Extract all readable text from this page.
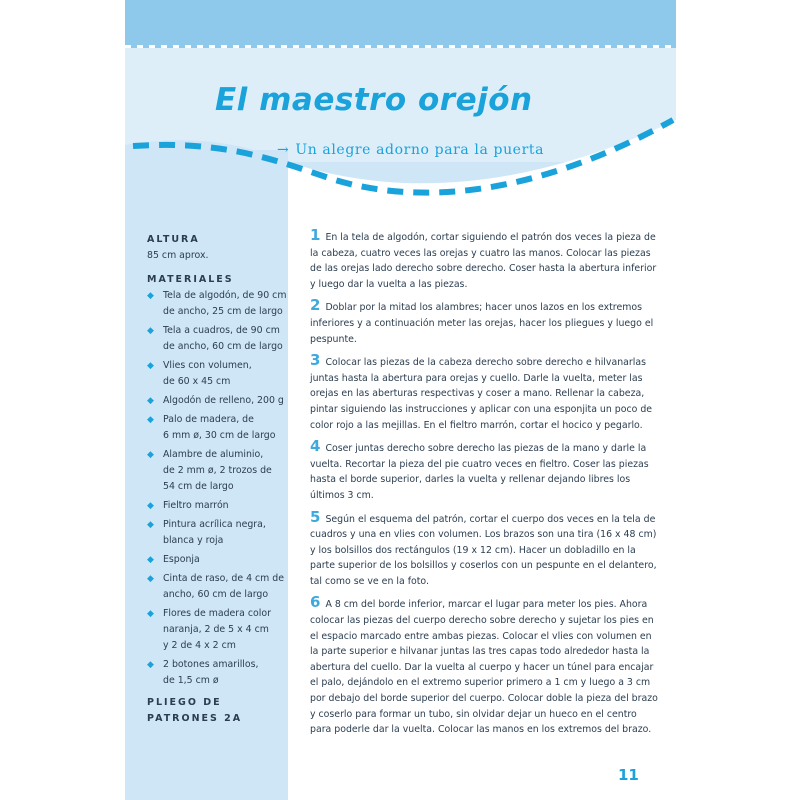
El maestro orejón
→ Un alegre adorno para la puerta
ALTURA
85 cm aprox.
MATERIALES
◆ Tela de algodón, de 90 cm
de ancho, 25 cm de largo
◆ Tela a cuadros, de 90 cm
de ancho, 60 cm de largo
◆ Vlies con volumen,
de 60 x 45 cm
◆ Algodón de relleno, 200 g
◆ Palo de madera, de
6 mm ø, 30 cm de largo
◆ Alambre de aluminio,
de 2 mm ø, 2 trozos de
54 cm de largo
◆ Fieltro marrón
◆ Pintura acrílica negra,
blanca y roja
◆ Esponja
◆ Cinta de raso, de 4 cm de
ancho, 60 cm de largo
◆ Flores de madera color
naranja, 2 de 5 x 4 cm
y 2 de 4 x 2 cm
◆ 2 botones amarillos,
de 1,5 cm ø
PLIEGO DE
PATRONES 2A

1 En la tela de algodón, cortar siguiendo el patrón dos veces la pieza de la cabeza, cuatro veces las orejas y cuatro las manos. Colocar las piezas de las orejas lado derecho sobre derecho. Coser hasta la abertura inferior y luego dar la vuelta a las piezas.

2 Doblar por la mitad los alambres; hacer unos lazos en los extremos inferiores y a continuación meter las orejas, hacer los pliegues y luego el pespunte.

3 Colocar las piezas de la cabeza derecho sobre derecho e hilvanarlas juntas hasta la abertura para orejas y cuello. Darle la vuelta, meter las orejas en las aberturas respectivas y coser a mano. Rellenar la cabeza, pintar siguiendo las instrucciones y aplicar con una esponjita un poco de color rojo a las mejillas. En el fieltro marrón, cortar el hocico y pegarlo.

4 Coser juntas derecho sobre derecho las piezas de la mano y darle la vuelta. Recortar la pieza del pie cuatro veces en fieltro. Coser las piezas hasta el borde superior, darles la vuelta y rellenar dejando libres los últimos 3 cm.

5 Según el esquema del patrón, cortar el cuerpo dos veces en la tela de cuadros y una en vlies con volumen. Los brazos son una tira (16 x 48 cm) y los bolsillos dos rectángulos (19 x 12 cm). Hacer un dobladillo en la parte superior de los bolsillos y coserlos con un pespunte en el delantero, tal como se ve en la foto.

6 A 8 cm del borde inferior, marcar el lugar para meter los pies. Ahora colocar las piezas del cuerpo derecho sobre derecho y sujetar los pies en el espacio marcado entre ambas piezas. Colocar el vlies con volumen en la parte superior e hilvanar juntas las tres capas todo alrededor hasta la abertura del cuello. Dar la vuelta al cuerpo y hacer un túnel para encajar el palo, dejándolo en el extremo superior primero a 1 cm y luego a 3 cm por debajo del borde superior del cuerpo. Colocar doble la pieza del brazo y coserlo para formar un tubo, sin olvidar dejar un hueco en el centro para poderle dar la vuelta. Colocar las manos en los extremos del brazo.

11
